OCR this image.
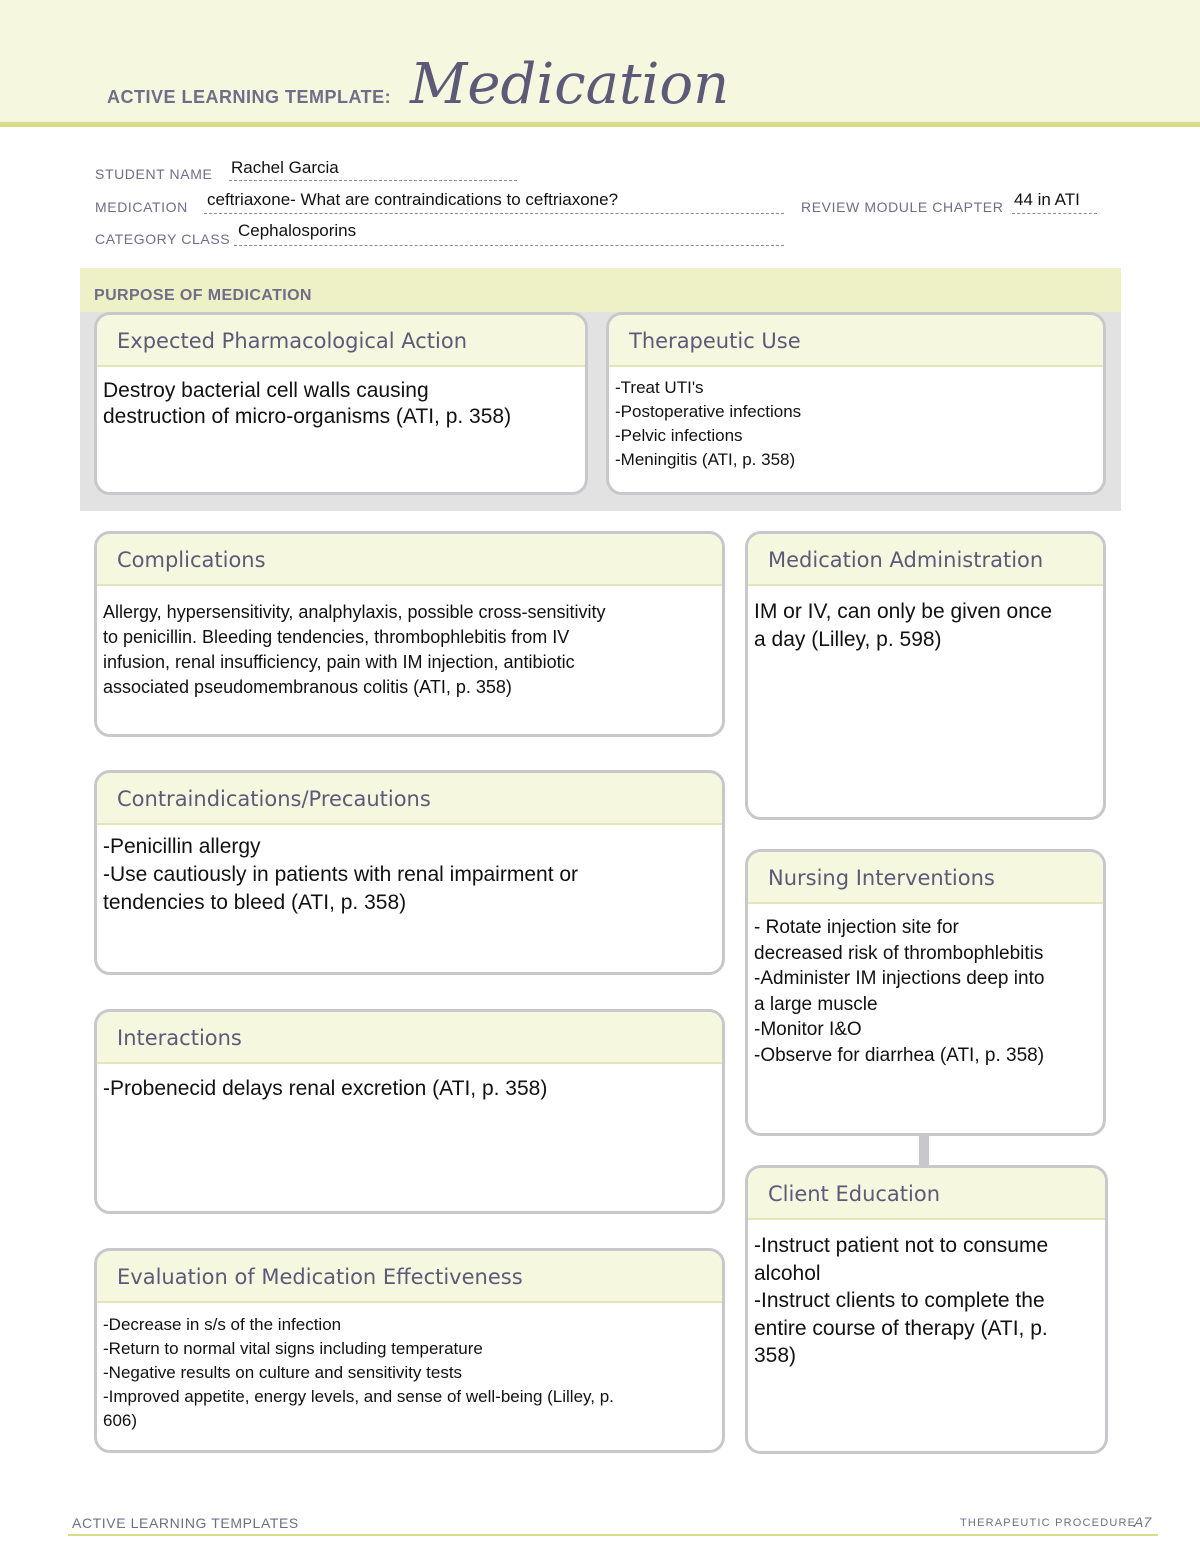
ACTIVE LEARNING TEMPLATE: Medication
STUDENT NAME Rachel Garcia
MEDICATION ceftriaxone- What are contraindications to ceftriaxone?	REVIEW MODULE CHAPTER 44 in ATI
CATEGORY CLASS Cephalosporins
PURPOSE OF MEDICATION
Expected Pharmacological Action
Destroy bacterial cell walls causing
destruction of micro-organisms (ATI, p. 358)
Therapeutic Use
-Treat UTI's
-Postoperative infections
-Pelvic infections
-Meningitis (ATI, p. 358)
Complications
Allergy, hypersensitivity, analphylaxis, possible cross-sensitivity
to penicillin. Bleeding tendencies, thrombophlebitis from IV
infusion, renal insufficiency, pain with IM injection, antibiotic
associated pseudomembranous colitis (ATI, p. 358)
Contraindications/Precautions
-Penicillin allergy
-Use cautiously in patients with renal impairment or
tendencies to bleed (ATI, p. 358)
Interactions
-Probenecid delays renal excretion (ATI, p. 358)
Evaluation of Medication Effectiveness
-Decrease in s/s of the infection
-Return to normal vital signs including temperature
-Negative results on culture and sensitivity tests
-Improved appetite, energy levels, and sense of well-being (Lilley, p.
606)
Medication Administration
IM or IV, can only be given once
a day (Lilley, p. 598)
Nursing Interventions
- Rotate injection site for
decreased risk of thrombophlebitis
-Administer IM injections deep into
a large muscle
-Monitor I&O
-Observe for diarrhea (ATI, p. 358)
Client Education
-Instruct patient not to consume
alcohol
-Instruct clients to complete the
entire course of therapy (ATI, p.
358)
ACTIVE LEARNING TEMPLATES	THERAPEUTIC PROCEDURE
A7
